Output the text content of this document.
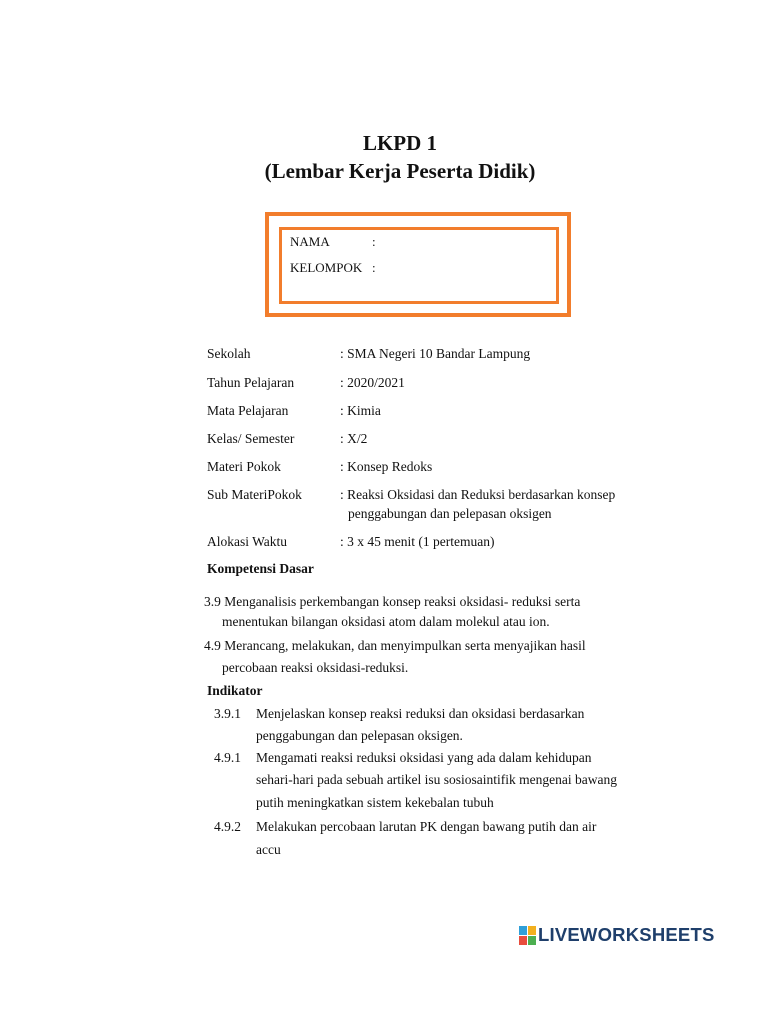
LKPD 1
(Lembar Kerja Peserta Didik)
NAMA	:
KELOMPOK :
Sekolah	: SMA Negeri 10 Bandar Lampung
Tahun Pelajaran	: 2020/2021
Mata Pelajaran	: Kimia
Kelas/ Semester	: X/2
Materi Pokok	: Konsep Redoks
Sub MateriPokok	: Reaksi Oksidasi dan Reduksi berdasarkan konsep
penggabungan dan pelepasan oksigen
Alokasi Waktu	: 3 x 45 menit (1 pertemuan)
Kompetensi Dasar
3.9 Menganalisis perkembangan konsep reaksi oksidasi- reduksi serta
menentukan bilangan oksidasi atom dalam molekul atau ion.
4.9 Merancang, melakukan, dan menyimpulkan serta menyajikan hasil
percobaan reaksi oksidasi-reduksi.
Indikator
3.9.1 Menjelaskan konsep reaksi reduksi dan oksidasi berdasarkan
penggabungan dan pelepasan oksigen.
4.9.1 Mengamati reaksi reduksi oksidasi yang ada dalam kehidupan
sehari-hari pada sebuah artikel isu sosiosaintifik mengenai bawang
putih meningkatkan sistem kekebalan tubuh
4.9.2 Melakukan percobaan larutan PK dengan bawang putih dan air
accu
LIVEWORKSHEETS
